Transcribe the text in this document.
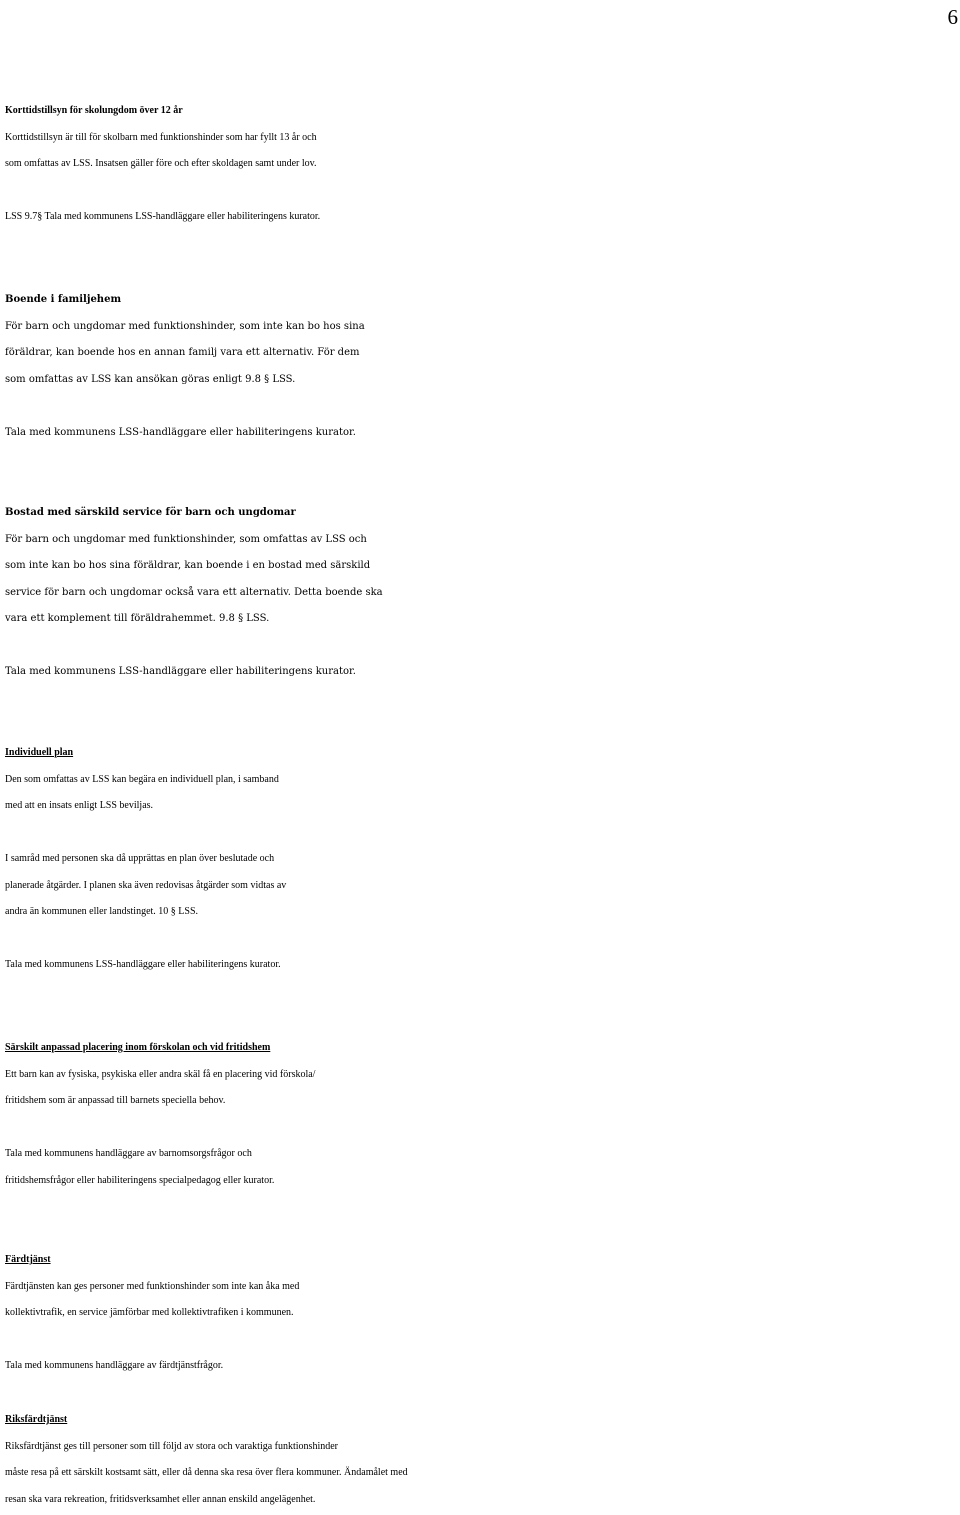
6
Korttidstillsyn för skolungdom över 12 år
Korttidstillsyn är till för skolbarn med funktionshinder som har fyllt 13 år och
som omfattas av LSS. Insatsen gäller före och efter skoldagen samt under lov.
LSS 9.7§ Tala med kommunens LSS-handläggare eller habiliteringens kurator.
Boende i familjehem
För barn och ungdomar med funktionshinder, som inte kan bo hos sina
föräldrar, kan boende hos en annan familj vara ett alternativ. För dem
som omfattas av LSS kan ansökan göras enligt 9.8 § LSS.
Tala med kommunens LSS-handläggare eller habiliteringens kurator.
Bostad med särskild service för barn och ungdomar
För barn och ungdomar med funktionshinder, som omfattas av LSS och
som inte kan bo hos sina föräldrar, kan boende i en bostad med särskild
service för barn och ungdomar också vara ett alternativ. Detta boende ska
vara ett komplement till föräldrahemmet. 9.8 § LSS.
Tala med kommunens LSS-handläggare eller habiliteringens kurator.
Individuell plan
Den som omfattas av LSS kan begära en individuell plan, i samband
med att en insats enligt LSS beviljas.
I samråd med personen ska då upprättas en plan över beslutade och
planerade åtgärder. I planen ska även redovisas åtgärder som vidtas av
andra än kommunen eller landstinget. 10 § LSS.
Tala med kommunens LSS-handläggare eller habiliteringens kurator.
Särskilt anpassad placering inom förskolan och vid fritidshem
Ett barn kan av fysiska, psykiska eller andra skäl få en placering vid förskola/
fritidshem som är anpassad till barnets speciella behov.
Tala med kommunens handläggare av barnomsorgsfrågor och
fritidshemsfrågor eller habiliteringens specialpedagog eller kurator.
Färdtjänst
Färdtjänsten kan ges personer med funktionshinder som inte kan åka med
kollektivtrafik, en service jämförbar med kollektivtrafiken i kommunen.
Tala med kommunens handläggare av färdtjänstfrågor.
Riksfärdtjänst
Riksfärdtjänst ges till personer som till följd av stora och varaktiga funktionshinder
måste resa på ett särskilt kostsamt sätt, eller då denna ska resa över flera kommuner. Ändamålet med
resan ska vara rekreation, fritidsverksamhet eller annan enskild angelägenhet.
